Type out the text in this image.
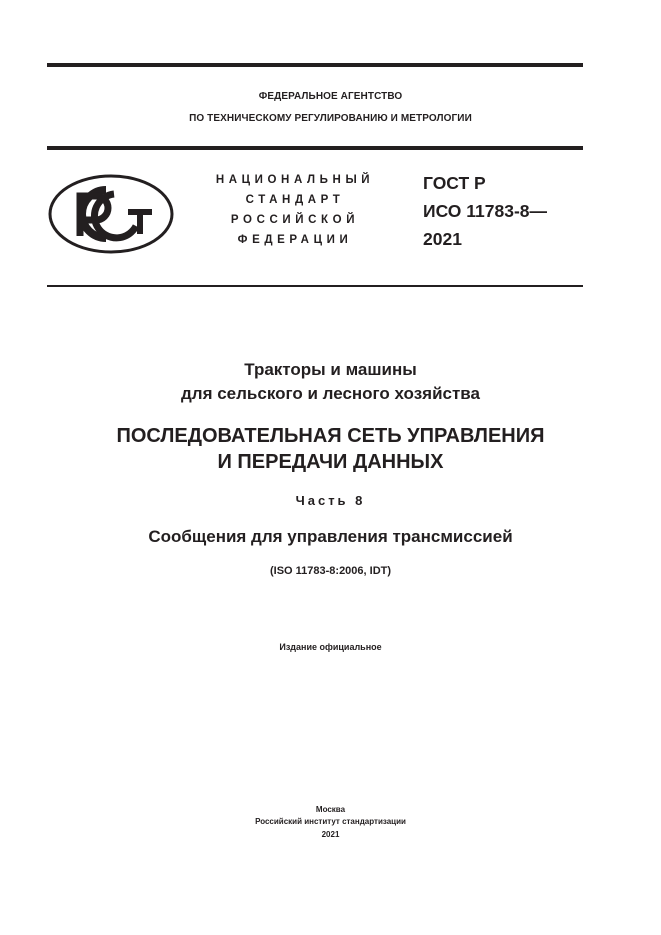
ФЕДЕРАЛЬНОЕ АГЕНТСТВО
ПО ТЕХНИЧЕСКОМУ РЕГУЛИРОВАНИЮ И МЕТРОЛОГИИ
НАЦИОНАЛЬНЫЙ
СТАНДАРТ
РОССИЙСКОЙ
ФЕДЕРАЦИИ
ГОСТ Р
ИСО 11783-8—
2021
Тракторы и машины
для сельского и лесного хозяйства
ПОСЛЕДОВАТЕЛЬНАЯ СЕТЬ УПРАВЛЕНИЯ
И ПЕРЕДАЧИ ДАННЫХ
Часть 8
Сообщения для управления трансмиссией
(ISO 11783-8:2006, IDT)
Издание официальное
Москва
Российский институт стандартизации
2021
